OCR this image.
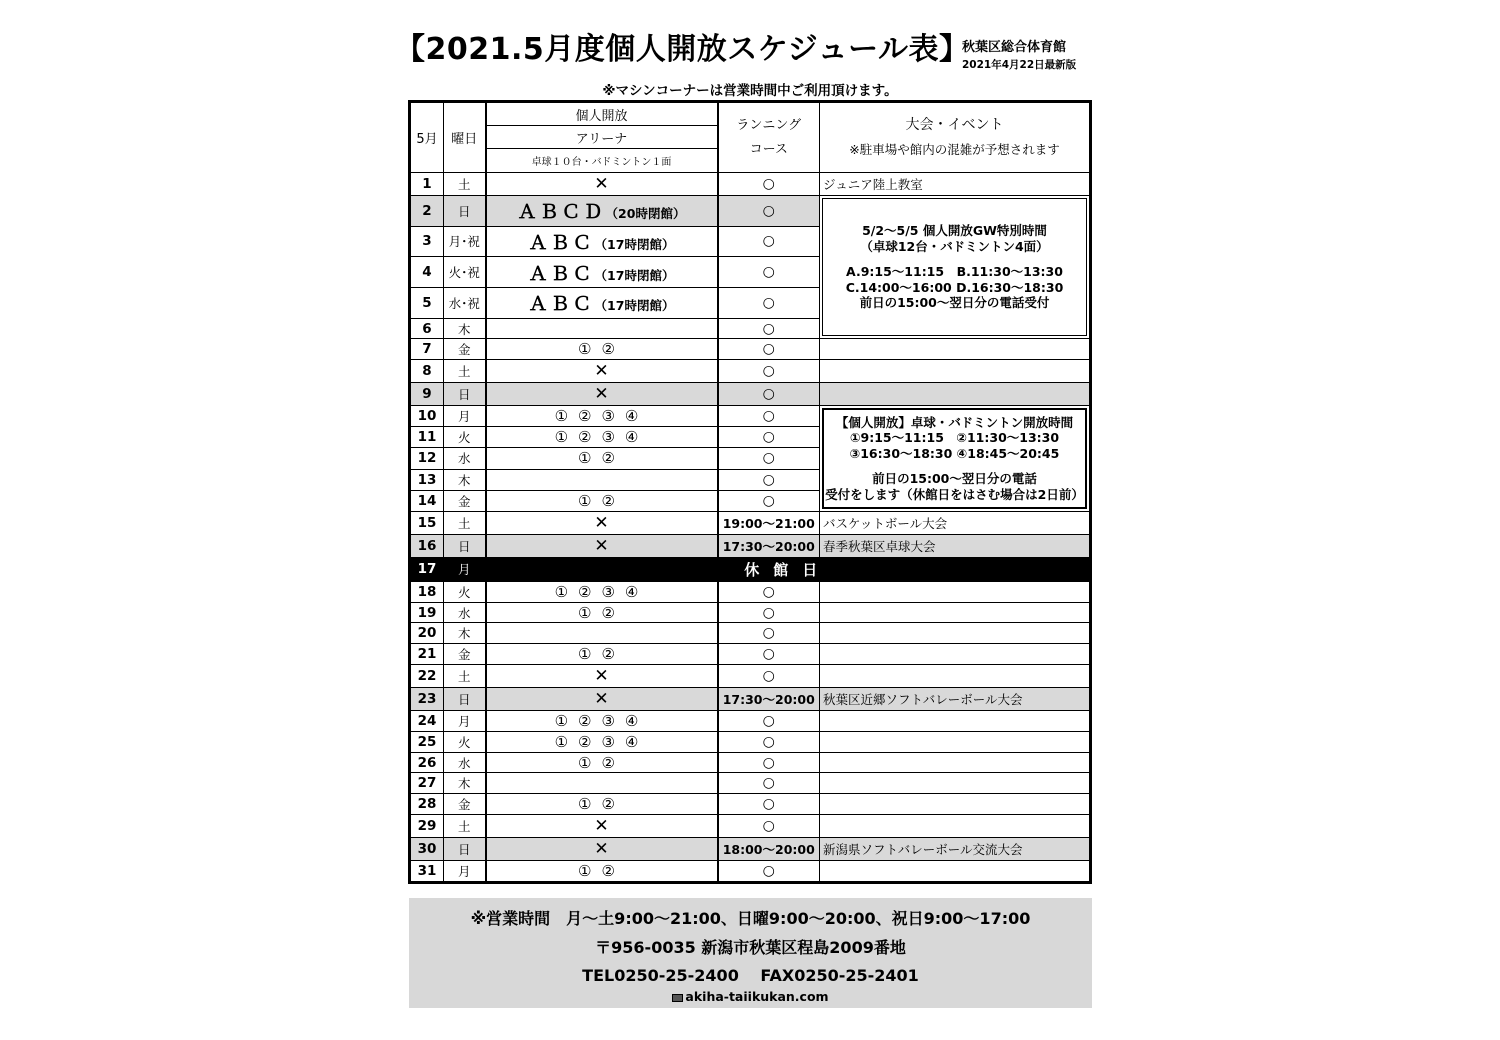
【2021.5月度個人開放スケジュール表】
秋葉区総合体育館
2021年4月22日最新版
※マシンコーナーは営業時間中ご利用頂けます。
5月	曜日	個人開放	ランニング
コース	大会・イベント
※駐車場や館内の混雑が予想されます
		アリーナ		
		卓球１０台・バドミントン１面		
1	土	✕	○	ジュニア陸上教室
2	日	ＡＢＣＤ（20時閉館）	○	5/2～5/5 個人開放GW特別時間
（卓球12台・バドミントン4面）
A.9:15～11:15　B.11:30～13:30
C.14:00～16:00 D.16:30～18:30
前日の15:00～翌日分の電話受付

3	月･祝	ＡＢＣ（17時閉館）	○	
4	火･祝	ＡＢＣ（17時閉館）	○	
5	水･祝	ＡＢＣ（17時閉館）	○	
6	木		○	
7	金	①②	○	
8	土	✕	○	
9	日	✕	○	
10	月	①②③④	○	【個人開放】卓球・バドミントン開放時間
①9:15～11:15　②11:30～13:30
③16:30～18:30 ④18:45～20:45
前日の15:00～翌日分の電話
受付をします（休館日をはさむ場合は2日前）

11	火	①②③④	○	
12	水	①②	○	
13	木		○	
14	金	①②	○	
15	土	✕	19:00～21:00	バスケットボール大会
16	日	✕	17:30～20:00	春季秋葉区卓球大会
17	月	休館日		
18	火	①②③④	○	
19	水	①②	○	
20	木		○	
21	金	①②	○	
22	土	✕	○	
23	日	✕	17:30～20:00	秋葉区近郷ソフトバレーボール大会
24	月	①②③④	○	
25	火	①②③④	○	
26	水	①②	○	
27	木		○	
28	金	①②	○	
29	土	✕	○	
30	日	✕	18:00～20:00	新潟県ソフトバレーボール交流大会
31	月	①②	○	
※営業時間　月～土9:00～21:00、日曜9:00～20:00、祝日9:00～17:00
〒956-0035 新潟市秋葉区程島2009番地
TEL0250-25-2400　 FAX0250-25-2401
akiha-taiikukan.com
